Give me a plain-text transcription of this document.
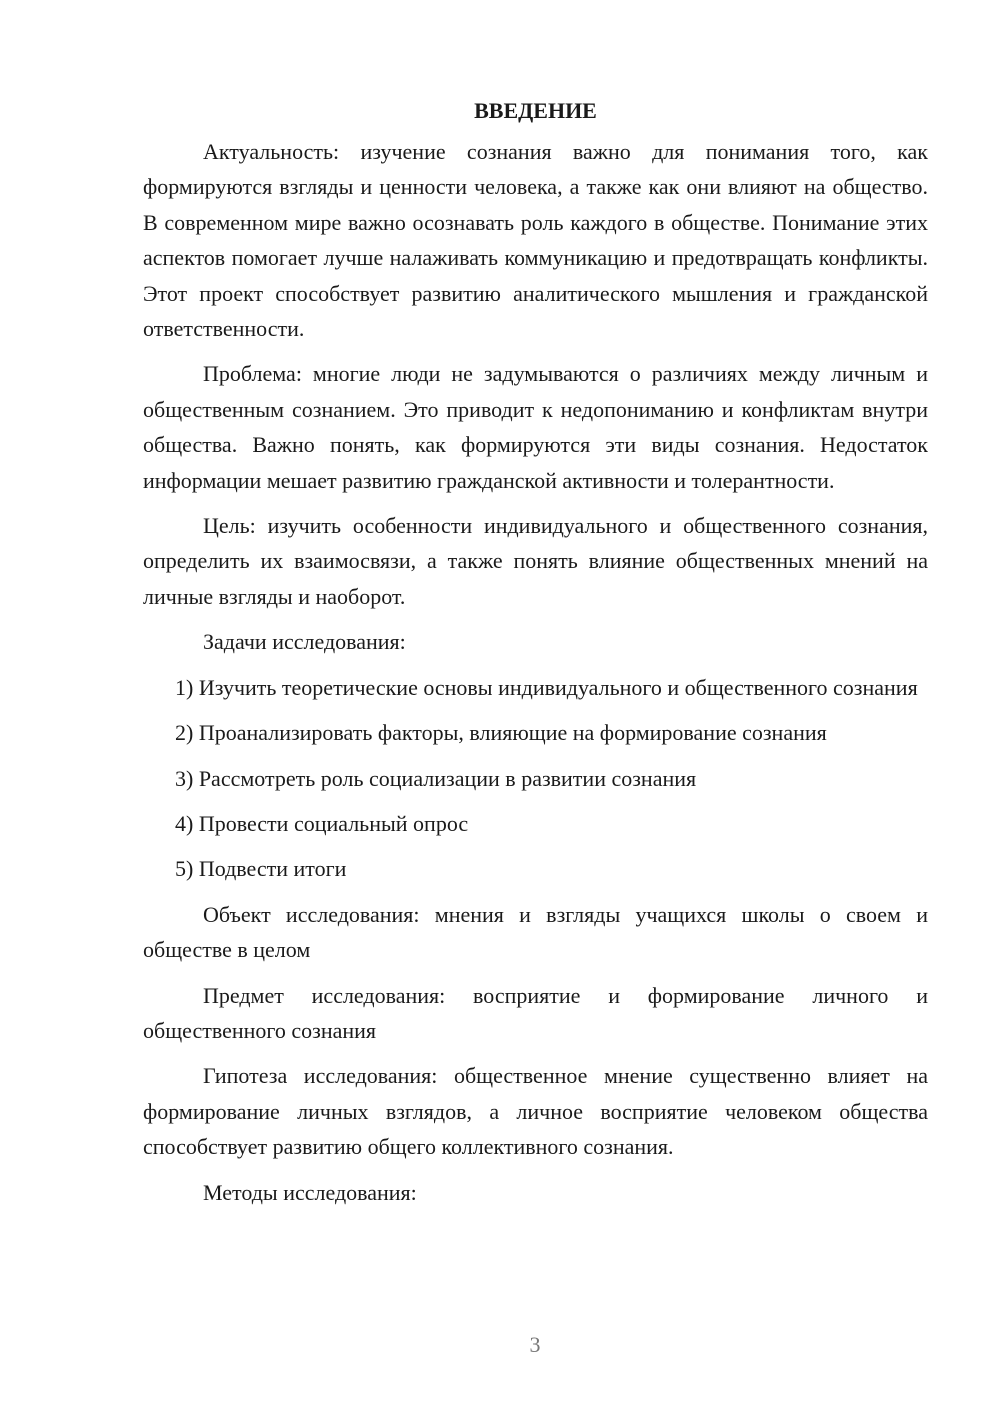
ВВЕДЕНИЕ

Актуальность: изучение сознания важно для понимания того, как формируются взгляды и ценности человека, а также как они влияют на общество. В современном мире важно осознавать роль каждого в обществе. Понимание этих аспектов помогает лучше налаживать коммуникацию и предотвращать конфликты. Этот проект способствует развитию аналитического мышления и гражданской ответственности.

Проблема: многие люди не задумываются о различиях между личным и общественным сознанием. Это приводит к недопониманию и конфликтам внутри общества. Важно понять, как формируются эти виды сознания. Недостаток информации мешает развитию гражданской активности и толерантности.

Цель: изучить особенности индивидуального и общественного сознания, определить их взаимосвязи, а также понять влияние общественных мнений на личные взгляды и наоборот.

Задачи исследования:

1) Изучить теоретические основы индивидуального и общественного сознания

2) Проанализировать факторы, влияющие на формирование сознания

3) Рассмотреть роль социализации в развитии сознания

4) Провести социальный опрос

5) Подвести итоги

Объект исследования: мнения и взгляды учащихся школы о своем и обществе в целом

Предмет исследования: восприятие и формирование личного и общественного сознания

Гипотеза исследования: общественное мнение существенно влияет на формирование личных взглядов, а личное восприятие человеком общества способствует развитию общего коллективного сознания.

Методы исследования:

3
